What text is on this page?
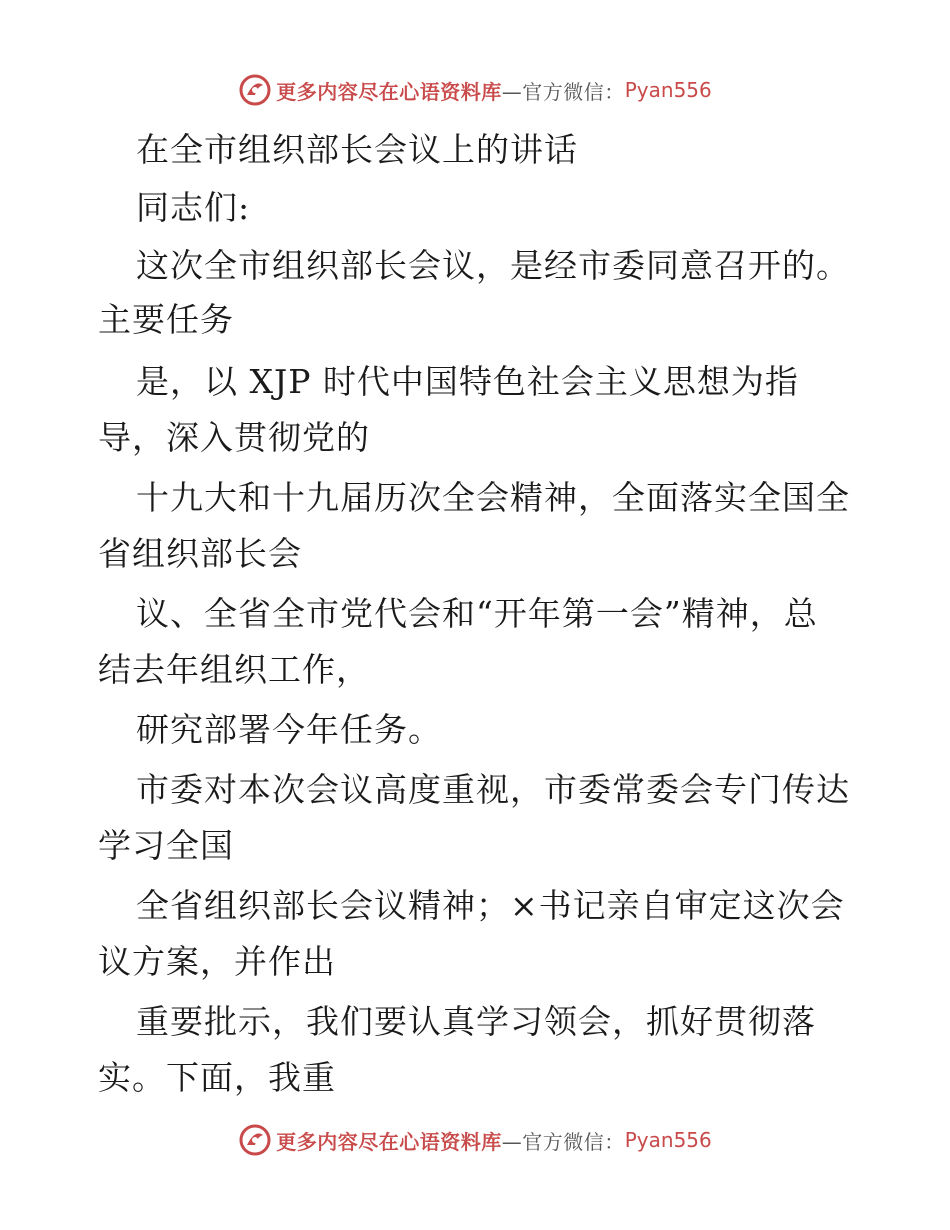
更多内容尽在心语资料库 —官方微信： Pyan556
在全市组织部长会议上的讲话
同志们:
这次全市组织部长会议，是经市委同意召开的。
主要任务
是，以 XJP 时代中国特色社会主义思想为指
导，深入贯彻党的
十九大和十九届历次全会精神，全面落实全国全
省组织部长会
议、全省全市党代会和“开年第一会”精神，总
结去年组织工作，
研究部署今年任务。
市委对本次会议高度重视，市委常委会专门传达
学习全国
全省组织部长会议精神；×书记亲自审定这次会
议方案，并作出
重要批示，我们要认真学习领会，抓好贯彻落
实。下面，我重
更多内容尽在心语资料库 —官方微信： Pyan556
